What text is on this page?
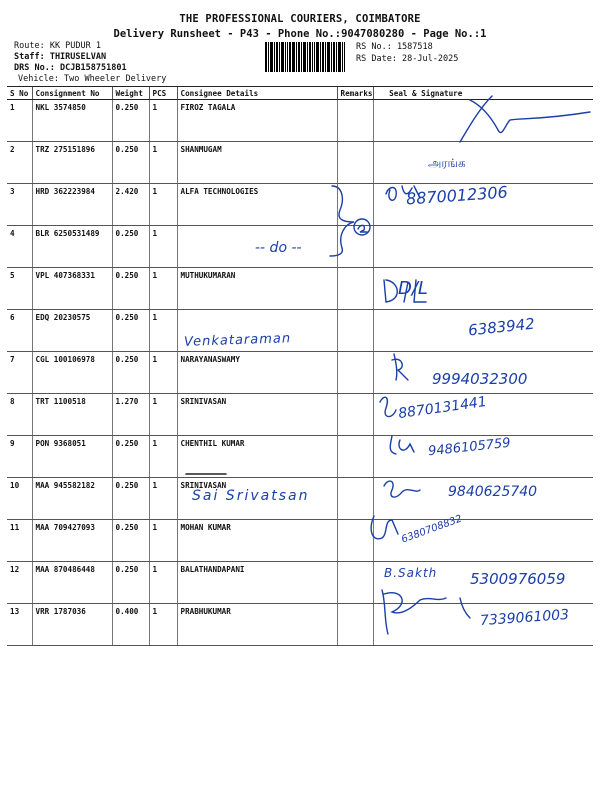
THE PROFESSIONAL COURIERS, COIMBATORE
Delivery Runsheet - P43 - Phone No.:9047080280 - Page No.:1
Route: KK PUDUR 1
Staff: THIRUSELVAN
DRS No.: DCJB158751801
Vehicle: Two Wheeler Delivery
RS No.: 1587518
RS Date: 28-Jul-2025
S No	Consignment No	Weight	PCS	Consignee Details	Remarks	Seal & Signature	
1	NKL 3574850	0.250	1	FIROZ TAGALA			
2	TRZ 275151896	0.250	1	SHANMUGAM			
3	HRD 362223984	2.420	1	ALFA TECHNOLOGIES			
4	BLR 6250531489	0.250	1				
5	VPL 407368331	0.250	1	MUTHUKUMARAN			
6	EDQ 20230575	0.250	1				
7	CGL 100106978	0.250	1	NARAYANASWAMY			
8	TRT 1100518	1.270	1	SRINIVASAN			
9	PON 9368051	0.250	1	CHENTHIL KUMAR			
10	MAA 945582182	0.250	1	SRINIVASAN			
11	MAA 709427093	0.250	1	MOHAN KUMAR			
12	MAA 870486448	0.250	1	BALATHANDAPANI			
13	VRR 1787036	0.400	1	PRABHUKUMAR			
-- do --
Venkataraman
Sai Srivatsan
அரங்க
8870012306
D/L
6383942
9994032300
8870131441
9486105759
9840625740
6380708832
B.Sakth 5300976059
7339061003
